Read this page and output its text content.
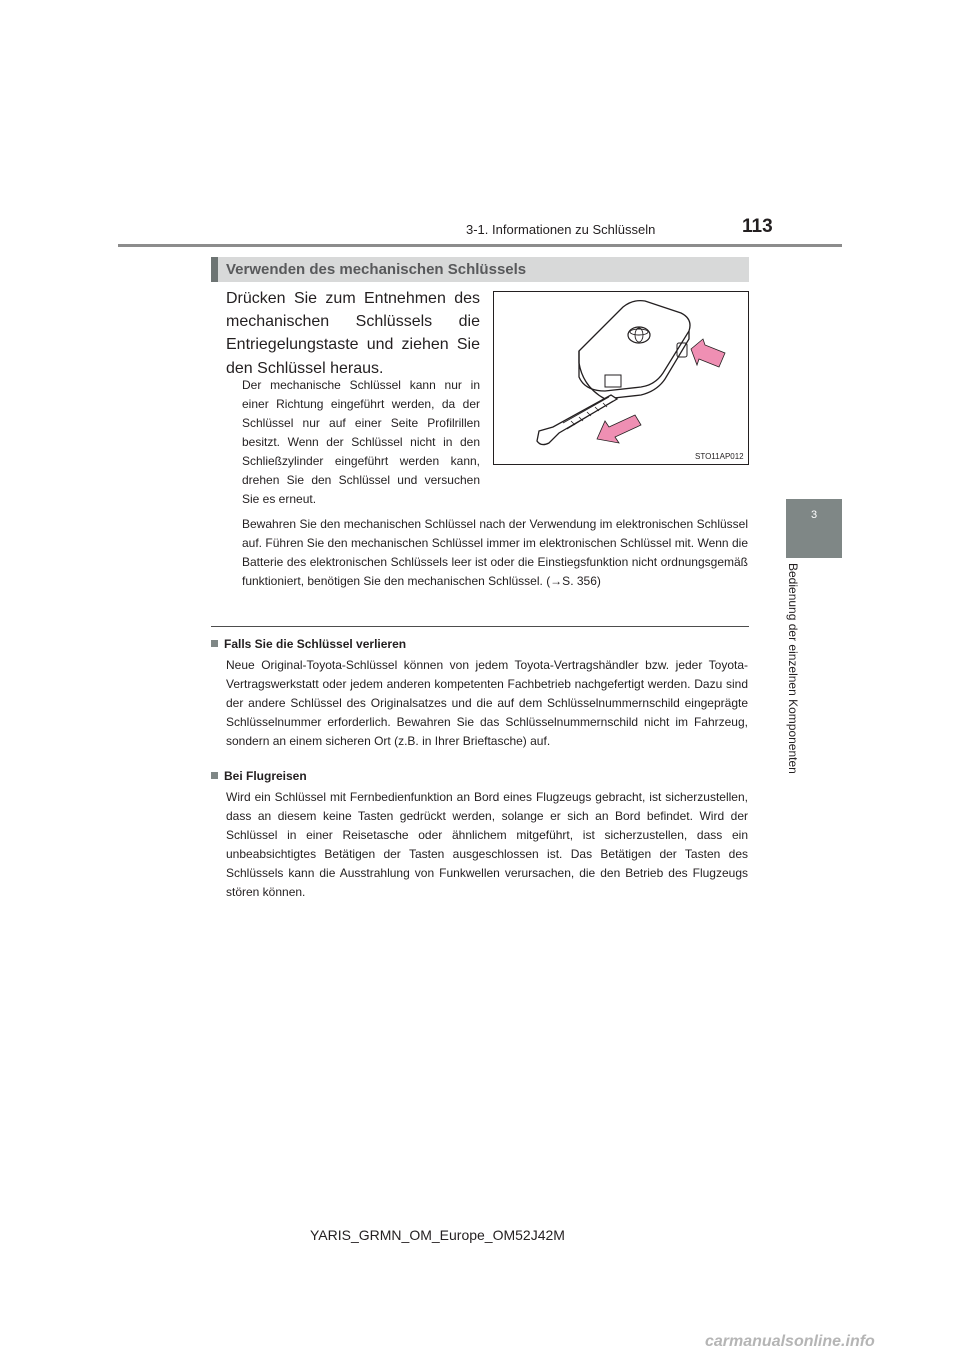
3-1. Informationen zu Schlüsseln	113
3
Bedienung der einzelnen Komponenten
Verwenden des mechanischen Schlüssels
Drücken Sie zum Entnehmen des mechanischen Schlüssels die Entriegelungstaste und ziehen Sie den Schlüssel heraus.
Der mechanische Schlüssel kann nur in einer Richtung eingeführt werden, da der Schlüssel nur auf einer Seite Profilrillen besitzt. Wenn der Schlüssel nicht in den Schließzylinder eingeführt werden kann, drehen Sie den Schlüssel und versuchen Sie es erneut.
Bewahren Sie den mechanischen Schlüssel nach der Verwendung im elektronischen Schlüssel auf. Führen Sie den mechanischen Schlüssel immer im elektronischen Schlüssel mit. Wenn die Batterie des elektronischen Schlüssels leer ist oder die Einstiegsfunktion nicht ordnungsgemäß funktioniert, benötigen Sie den mechanischen Schlüssel. (→S. 356)
STO11AP012
Falls Sie die Schlüssel verlieren
Neue Original-Toyota-Schlüssel können von jedem Toyota-Vertragshändler bzw. jeder Toyota-Vertragswerkstatt oder jedem anderen kompetenten Fachbetrieb nachgefertigt werden. Dazu sind der andere Schlüssel des Originalsatzes und die auf dem Schlüsselnummernschild eingeprägte Schlüsselnummer erforderlich. Bewahren Sie das Schlüsselnummernschild nicht im Fahrzeug, sondern an einem sicheren Ort (z.B. in Ihrer Brieftasche) auf.
Bei Flugreisen
Wird ein Schlüssel mit Fernbedienfunktion an Bord eines Flugzeugs gebracht, ist sicherzustellen, dass an diesem keine Tasten gedrückt werden, solange er sich an Bord befindet. Wird der Schlüssel in einer Reisetasche oder ähnlichem mitgeführt, ist sicherzustellen, dass ein unbeabsichtigtes Betätigen der Tasten ausgeschlossen ist. Das Betätigen der Tasten des Schlüssels kann die Ausstrahlung von Funkwellen verursachen, die den Betrieb des Flugzeugs stören können.
YARIS_GRMN_OM_Europe_OM52J42M
carmanualsonline.info
